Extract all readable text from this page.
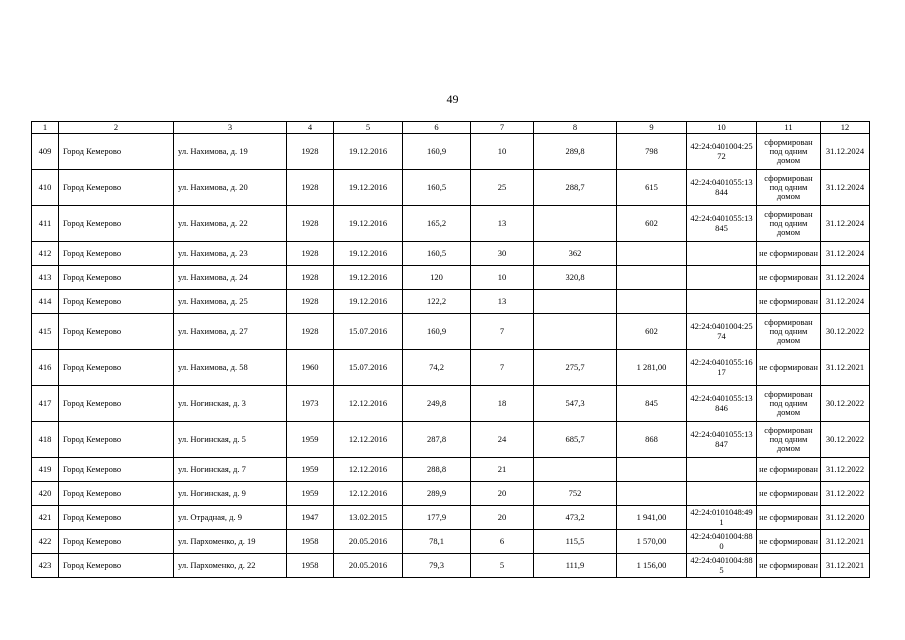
49
1	2	3	4	5	6	7	8	9	10	11	12
409	Город Кемерово	ул. Нахимова, д. 19	1928	19.12.2016	160,9	10	289,8	798	42:24:0401004:2572	сформирован под одним домом	31.12.2024
410	Город Кемерово	ул. Нахимова, д. 20	1928	19.12.2016	160,5	25	288,7	615	42:24:0401055:13844	сформирован под одним домом	31.12.2024
411	Город Кемерово	ул. Нахимова, д. 22	1928	19.12.2016	165,2	13		602	42:24:0401055:13845	сформирован под одним домом	31.12.2024
412	Город Кемерово	ул. Нахимова, д. 23	1928	19.12.2016	160,5	30	362			не сформирован	31.12.2024
413	Город Кемерово	ул. Нахимова, д. 24	1928	19.12.2016	120	10	320,8			не сформирован	31.12.2024
414	Город Кемерово	ул. Нахимова, д. 25	1928	19.12.2016	122,2	13				не сформирован	31.12.2024
415	Город Кемерово	ул. Нахимова, д. 27	1928	15.07.2016	160,9	7		602	42:24:0401004:2574	сформирован под одним домом	30.12.2022
416	Город Кемерово	ул. Нахимова, д. 58	1960	15.07.2016	74,2	7	275,7	1 281,00	42:24:0401055:1617	не сформирован	31.12.2021
417	Город Кемерово	ул. Ногинская, д. 3	1973	12.12.2016	249,8	18	547,3	845	42:24:0401055:13846	сформирован под одним домом	30.12.2022
418	Город Кемерово	ул. Ногинская, д. 5	1959	12.12.2016	287,8	24	685,7	868	42:24:0401055:13847	сформирован под одним домом	30.12.2022
419	Город Кемерово	ул. Ногинская, д. 7	1959	12.12.2016	288,8	21				не сформирован	31.12.2022
420	Город Кемерово	ул. Ногинская, д. 9	1959	12.12.2016	289,9	20	752			не сформирован	31.12.2022
421	Город Кемерово	ул. Отрадная, д. 9	1947	13.02.2015	177,9	20	473,2	1 941,00	42:24:0101048:491	не сформирован	31.12.2020
422	Город Кемерово	ул. Пархоменко, д. 19	1958	20.05.2016	78,1	6	115,5	1 570,00	42:24:0401004:880	не сформирован	31.12.2021
423	Город Кемерово	ул. Пархоменко, д. 22	1958	20.05.2016	79,3	5	111,9	1 156,00	42:24:0401004:885	не сформирован	31.12.2021
